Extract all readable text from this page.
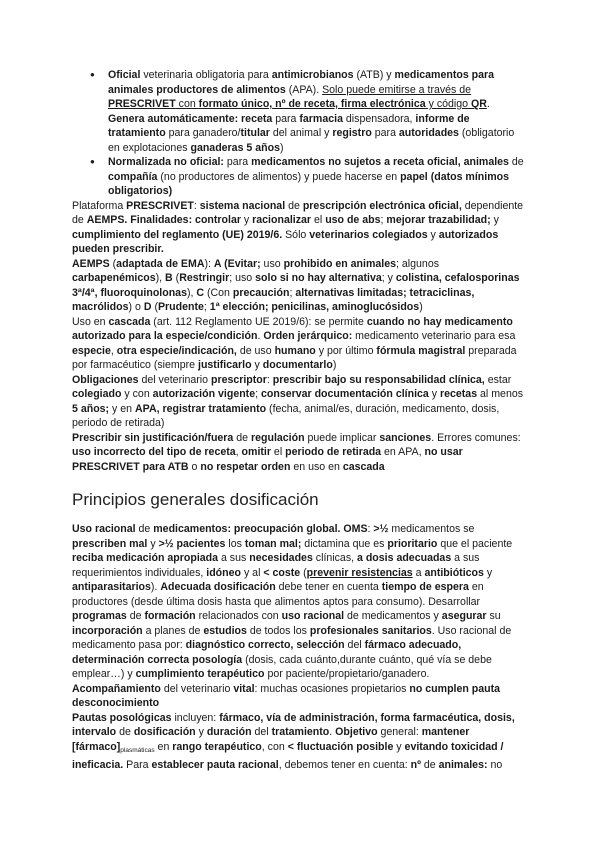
● Oficial veterinaria obligatoria para antimicrobianos (ATB) y medicamentos para animales productores de alimentos (APA). Solo puede emitirse a través de PRESCRIVET con formato único, nº de receta, firma electrónica y código QR. Genera automáticamente: receta para farmacia dispensadora, informe de tratamiento para ganadero/titular del animal y registro para autoridades (obligatorio en explotaciones ganaderas 5 años)
● Normalizada no oficial: para medicamentos no sujetos a receta oficial, animales de compañía (no productores de alimentos) y puede hacerse en papel (datos mínimos obligatorios)

Plataforma PRESCRIVET: sistema nacional de prescripción electrónica oficial, dependiente de AEMPS. Finalidades: controlar y racionalizar el uso de abs; mejorar trazabilidad; y cumplimiento del reglamento (UE) 2019/6. Sólo veterinarios colegiados y autorizados pueden prescribir.

AEMPS (adaptada de EMA): A (Evitar; uso prohibido en animales; algunos carbapenémicos), B (Restringir; uso solo si no hay alternativa; y colistina, cefalosporinas 3ª/4ª, fluoroquinolonas), C (Con precaución; alternativas limitadas; tetraciclinas, macrólidos) o D (Prudente; 1ª elección; penicilinas, aminoglucósidos)

Uso en cascada (art. 112 Reglamento UE 2019/6): se permite cuando no hay medicamento autorizado para la especie/condición. Orden jerárquico: medicamento veterinario para esa especie, otra especie/indicación, de uso humano y por último fórmula magistral preparada por farmacéutico (siempre justificarlo y documentarlo)

Obligaciones del veterinario prescriptor: prescribir bajo su responsabilidad clínica, estar colegiado y con autorización vigente; conservar documentación clínica y recetas al menos 5 años; y en APA, registrar tratamiento (fecha, animal/es, duración, medicamento, dosis, periodo de retirada)

Prescribir sin justificación/fuera de regulación puede implicar sanciones. Errores comunes: uso incorrecto del tipo de receta, omitir el periodo de retirada en APA, no usar PRESCRIVET para ATB o no respetar orden en uso en cascada

Principios generales dosificación

Uso racional de medicamentos: preocupación global. OMS: >½ medicamentos se prescriben mal y >½ pacientes los toman mal; dictamina que es prioritario que el paciente reciba medicación apropiada a sus necesidades clínicas, a dosis adecuadas a sus requerimientos individuales, idóneo y al < coste (prevenir resistencias a antibióticos y antiparasitarios). Adecuada dosificación debe tener en cuenta tiempo de espera en productores (desde última dosis hasta que alimentos aptos para consumo). Desarrollar programas de formación relacionados con uso racional de medicamentos y asegurar su incorporación a planes de estudios de todos los profesionales sanitarios. Uso racional de medicamento pasa por: diagnóstico correcto, selección del fármaco adecuado, determinación correcta posología (dosis, cada cuánto,durante cuánto, qué vía se debe emplear…) y cumplimiento terapéutico por paciente/propietario/ganadero.

Acompañamiento del veterinario vital: muchas ocasiones propietarios no cumplen pauta desconocimiento

Pautas posológicas incluyen: fármaco, vía de administración, forma farmacéutica, dosis, intervalo de dosificación y duración del tratamiento. Objetivo general: mantener $[fármaco]_{plasmáticas}$ en rango terapéutico, con < fluctuación posible y evitando toxicidad / ineficacia. Para establecer pauta racional, debemos tener en cuenta: nº de animales: no
